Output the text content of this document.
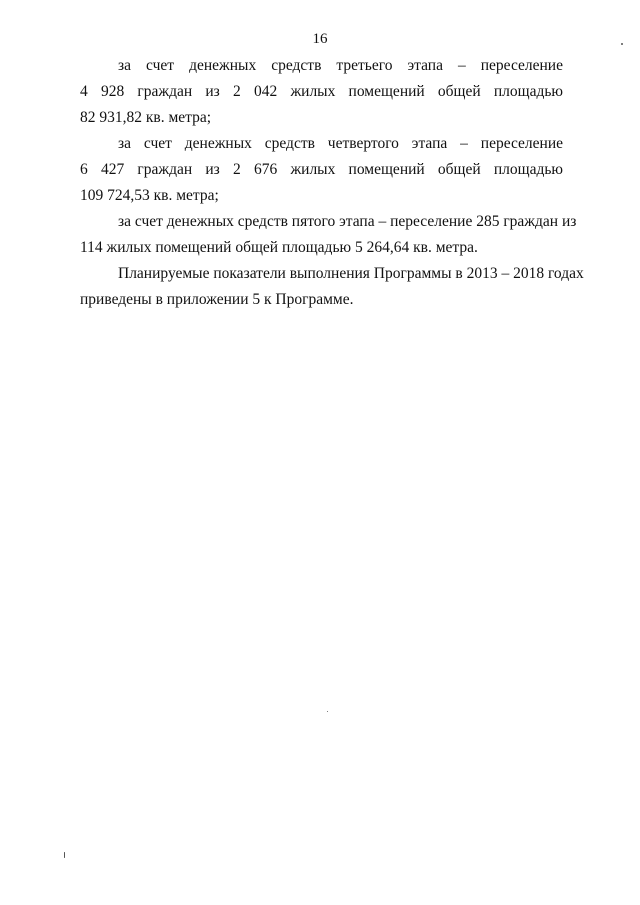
16
за счет денежных средств третьего этапа – переселение
4 928 граждан из 2 042 жилых помещений общей площадью
82 931,82 кв. метра;
за счет денежных средств четвертого этапа – переселение
6 427 граждан из 2 676 жилых помещений общей площадью
109 724,53 кв. метра;
за счет денежных средств пятого этапа – переселение 285 граждан из
114 жилых помещений общей площадью 5 264,64 кв. метра.
Планируемые показатели выполнения Программы в 2013 – 2018 годах
приведены в приложении 5 к Программе.
